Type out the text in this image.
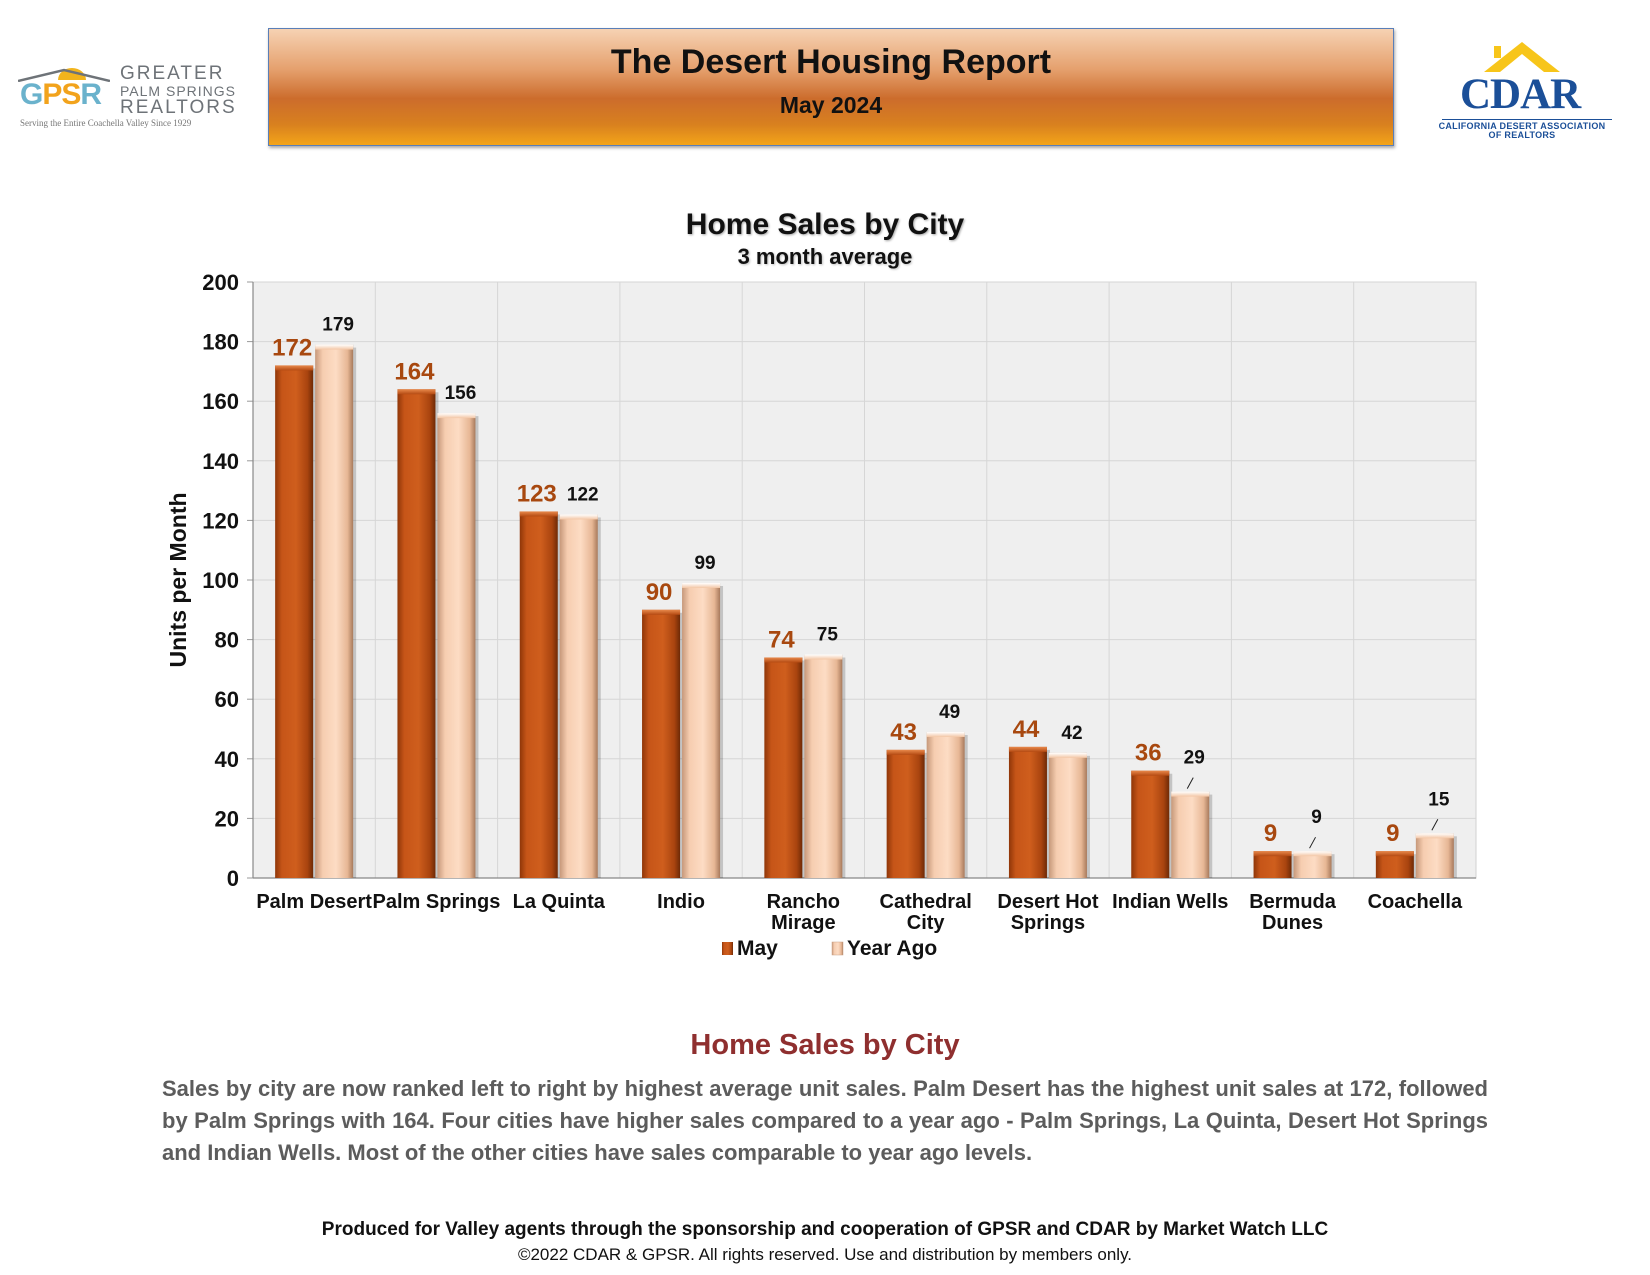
GPSR
GREATER
PALM SPRINGS
REALTORS
Serving the Entire Coachella Valley Since 1929
The Desert Housing Report
May 2024	CDAR
CALIFORNIA DESERT ASSOCIATION
OF REALTORS
Home Sales by City
3 month average
0
20
40
60
80
100
120
140
160
180
200
Units per Month
172
179
Palm Desert
164
156
Palm Springs
123 122
La Quinta
90
99
Indio
74 75
Rancho
Mirage
43
49
Cathedral
City
44 42
Desert Hot
Springs
36 29
Indian Wells
9
9
Bermuda
Dunes
9
15
Coachella
May	Year Ago
Home Sales by City

Sales by city are now ranked left to right by highest average unit sales. Palm Desert has the highest unit sales at 172, followed by Palm Springs with 164. Four cities have higher sales compared to a year ago - Palm Springs, La Quinta, Desert Hot Springs and Indian Wells. Most of the other cities have sales comparable to year ago levels.

Produced for Valley agents through the sponsorship and cooperation of GPSR and CDAR by Market Watch LLC
©2022 CDAR & GPSR. All rights reserved. Use and distribution by members only.
